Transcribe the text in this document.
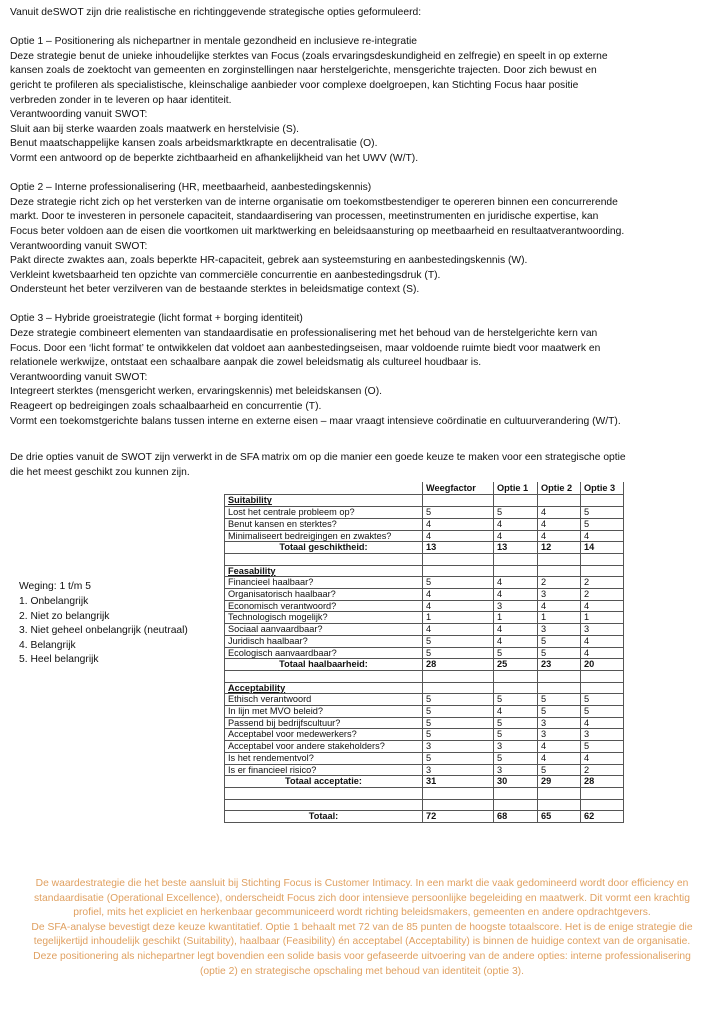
Vanuit deSWOT zijn drie realistische en richtinggevende strategische opties geformuleerd:

Optie 1 – Positionering als nichepartner in mentale gezondheid en inclusieve re-integratie

Deze strategie benut de unieke inhoudelijke sterktes van Focus (zoals ervaringsdeskundigheid en zelfregie) en speelt in op externe

kansen zoals de zoektocht van gemeenten en zorginstellingen naar herstelgerichte, mensgerichte trajecten. Door zich bewust en

gericht te profileren als specialistische, kleinschalige aanbieder voor complexe doelgroepen, kan Stichting Focus haar positie

verbreden zonder in te leveren op haar identiteit.

Verantwoording vanuit SWOT:

Sluit aan bij sterke waarden zoals maatwerk en herstelvisie (S).

Benut maatschappelijke kansen zoals arbeidsmarktkrapte en decentralisatie (O).

Vormt een antwoord op de beperkte zichtbaarheid en afhankelijkheid van het UWV (W/T).

Optie 2 – Interne professionalisering (HR, meetbaarheid, aanbestedingskennis)

Deze strategie richt zich op het versterken van de interne organisatie om toekomstbestendiger te opereren binnen een concurrerende

markt. Door te investeren in personele capaciteit, standaardisering van processen, meetinstrumenten en juridische expertise, kan

Focus beter voldoen aan de eisen die voortkomen uit marktwerking en beleidsaansturing op meetbaarheid en resultaatverantwoording.

Verantwoording vanuit SWOT:

Pakt directe zwaktes aan, zoals beperkte HR-capaciteit, gebrek aan systeemsturing en aanbestedingskennis (W).

Verkleint kwetsbaarheid ten opzichte van commerciële concurrentie en aanbestedingsdruk (T).

Ondersteunt het beter verzilveren van de bestaande sterktes in beleidsmatige context (S).

Optie 3 – Hybride groeistrategie (licht format + borging identiteit)

Deze strategie combineert elementen van standaardisatie en professionalisering met het behoud van de herstelgerichte kern van

Focus. Door een ‘licht format’ te ontwikkelen dat voldoet aan aanbestedingseisen, maar voldoende ruimte biedt voor maatwerk en

relationele werkwijze, ontstaat een schaalbare aanpak die zowel beleidsmatig als cultureel houdbaar is.

Verantwoording vanuit SWOT:

Integreert sterktes (mensgericht werken, ervaringskennis) met beleidskansen (O).

Reageert op bedreigingen zoals schaalbaarheid en concurrentie (T).

Vormt een toekomstgerichte balans tussen interne en externe eisen – maar vraagt intensieve coördinatie en cultuurverandering (W/T).

De drie opties vanuit de SWOT zijn verwerkt in de SFA matrix om op die manier een goede keuze te maken voor een strategische optie

die het meest geschikt zou kunnen zijn.

Weging: 1 t/m 5
1. Onbelangrijk
2. Niet zo belangrijk
3. Niet geheel onbelangrijk (neutraal)
4. Belangrijk
5. Heel belangrijk
	Weegfactor	Optie 1	Optie 2	Optie 3
Suitability				
Lost het centrale probleem op?	5	5	4	5
Benut kansen en sterktes?	4	4	4	5
Minimaliseert bedreigingen en zwaktes?	4	4	4	4
Totaal geschiktheid:	13	13	12	14

Feasability				
Financieel haalbaar?	5	4	2	2
Organisatorisch haalbaar?	4	4	3	2
Economisch verantwoord?	4	3	4	4
Technologisch mogelijk?	1	1	1	1
Sociaal aanvaardbaar?	4	4	3	3
Juridisch haalbaar?	5	4	5	4
Ecologisch aanvaardbaar?	5	5	5	4
Totaal haalbaarheid:	28	25	23	20

Acceptability				
Ethisch verantwoord	5	5	5	5
In lijn met MVO beleid?	5	4	5	5
Passend bij bedrijfscultuur?	5	5	3	4
Acceptabel voor medewerkers?	5	5	3	3
Acceptabel voor andere stakeholders?	3	3	4	5
Is het rendementvol?	5	5	4	4
Is er financieel risico?	3	3	5	2
Totaal acceptatie:	31	30	29	28

Totaal:	72	68	65	62
De waardestrategie die het beste aansluit bij Stichting Focus is Customer Intimacy. In een markt die vaak gedomineerd wordt door efficiency en standaardisatie (Operational Excellence), onderscheidt Focus zich door intensieve persoonlijke begeleiding en maatwerk. Dit vormt een krachtig profiel, mits het expliciet en herkenbaar gecommuniceerd wordt richting beleidsmakers, gemeenten en andere opdrachtgevers.
De SFA-analyse bevestigt deze keuze kwantitatief. Optie 1 behaalt met 72 van de 85 punten de hoogste totaalscore. Het is de enige strategie die tegelijkertijd inhoudelijk geschikt (Suitability), haalbaar (Feasibility) én acceptabel (Acceptability) is binnen de huidige context van de organisatie. Deze positionering als nichepartner legt bovendien een solide basis voor gefaseerde uitvoering van de andere opties: interne professionalisering (optie 2) en strategische opschaling met behoud van identiteit (optie 3).
